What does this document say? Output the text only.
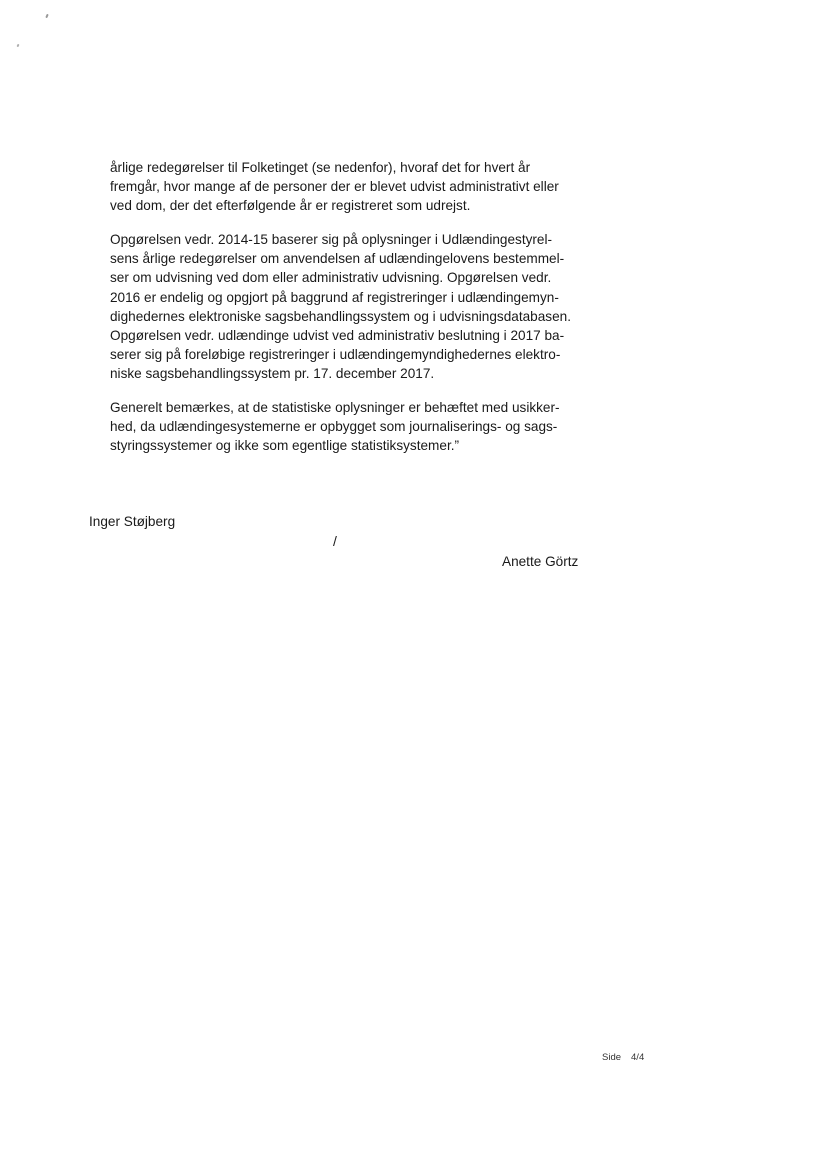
årlige redegørelser til Folketinget (se nedenfor), hvoraf det for hvert år
fremgår, hvor mange af de personer der er blevet udvist administrativt eller
ved dom, der det efterfølgende år er registreret som udrejst.
Opgørelsen vedr. 2014-15 baserer sig på oplysninger i Udlændingestyrel-
sens årlige redegørelser om anvendelsen af udlændingelovens bestemmel-
ser om udvisning ved dom eller administrativ udvisning. Opgørelsen vedr.
2016 er endelig og opgjort på baggrund af registreringer i udlændingemyn-
dighedernes elektroniske sagsbehandlingssystem og i udvisningsdatabasen.
Opgørelsen vedr. udlændinge udvist ved administrativ beslutning i 2017 ba-
serer sig på foreløbige registreringer i udlændingemyndighedernes elektro-
niske sagsbehandlingssystem pr. 17. december 2017.
Generelt bemærkes, at de statistiske oplysninger er behæftet med usikker-
hed, da udlændingesystemerne er opbygget som journaliserings- og sags-
styringssystemer og ikke som egentlige statistiksystemer.”
Inger Støjberg
/
Anette Görtz
Side 4/4
